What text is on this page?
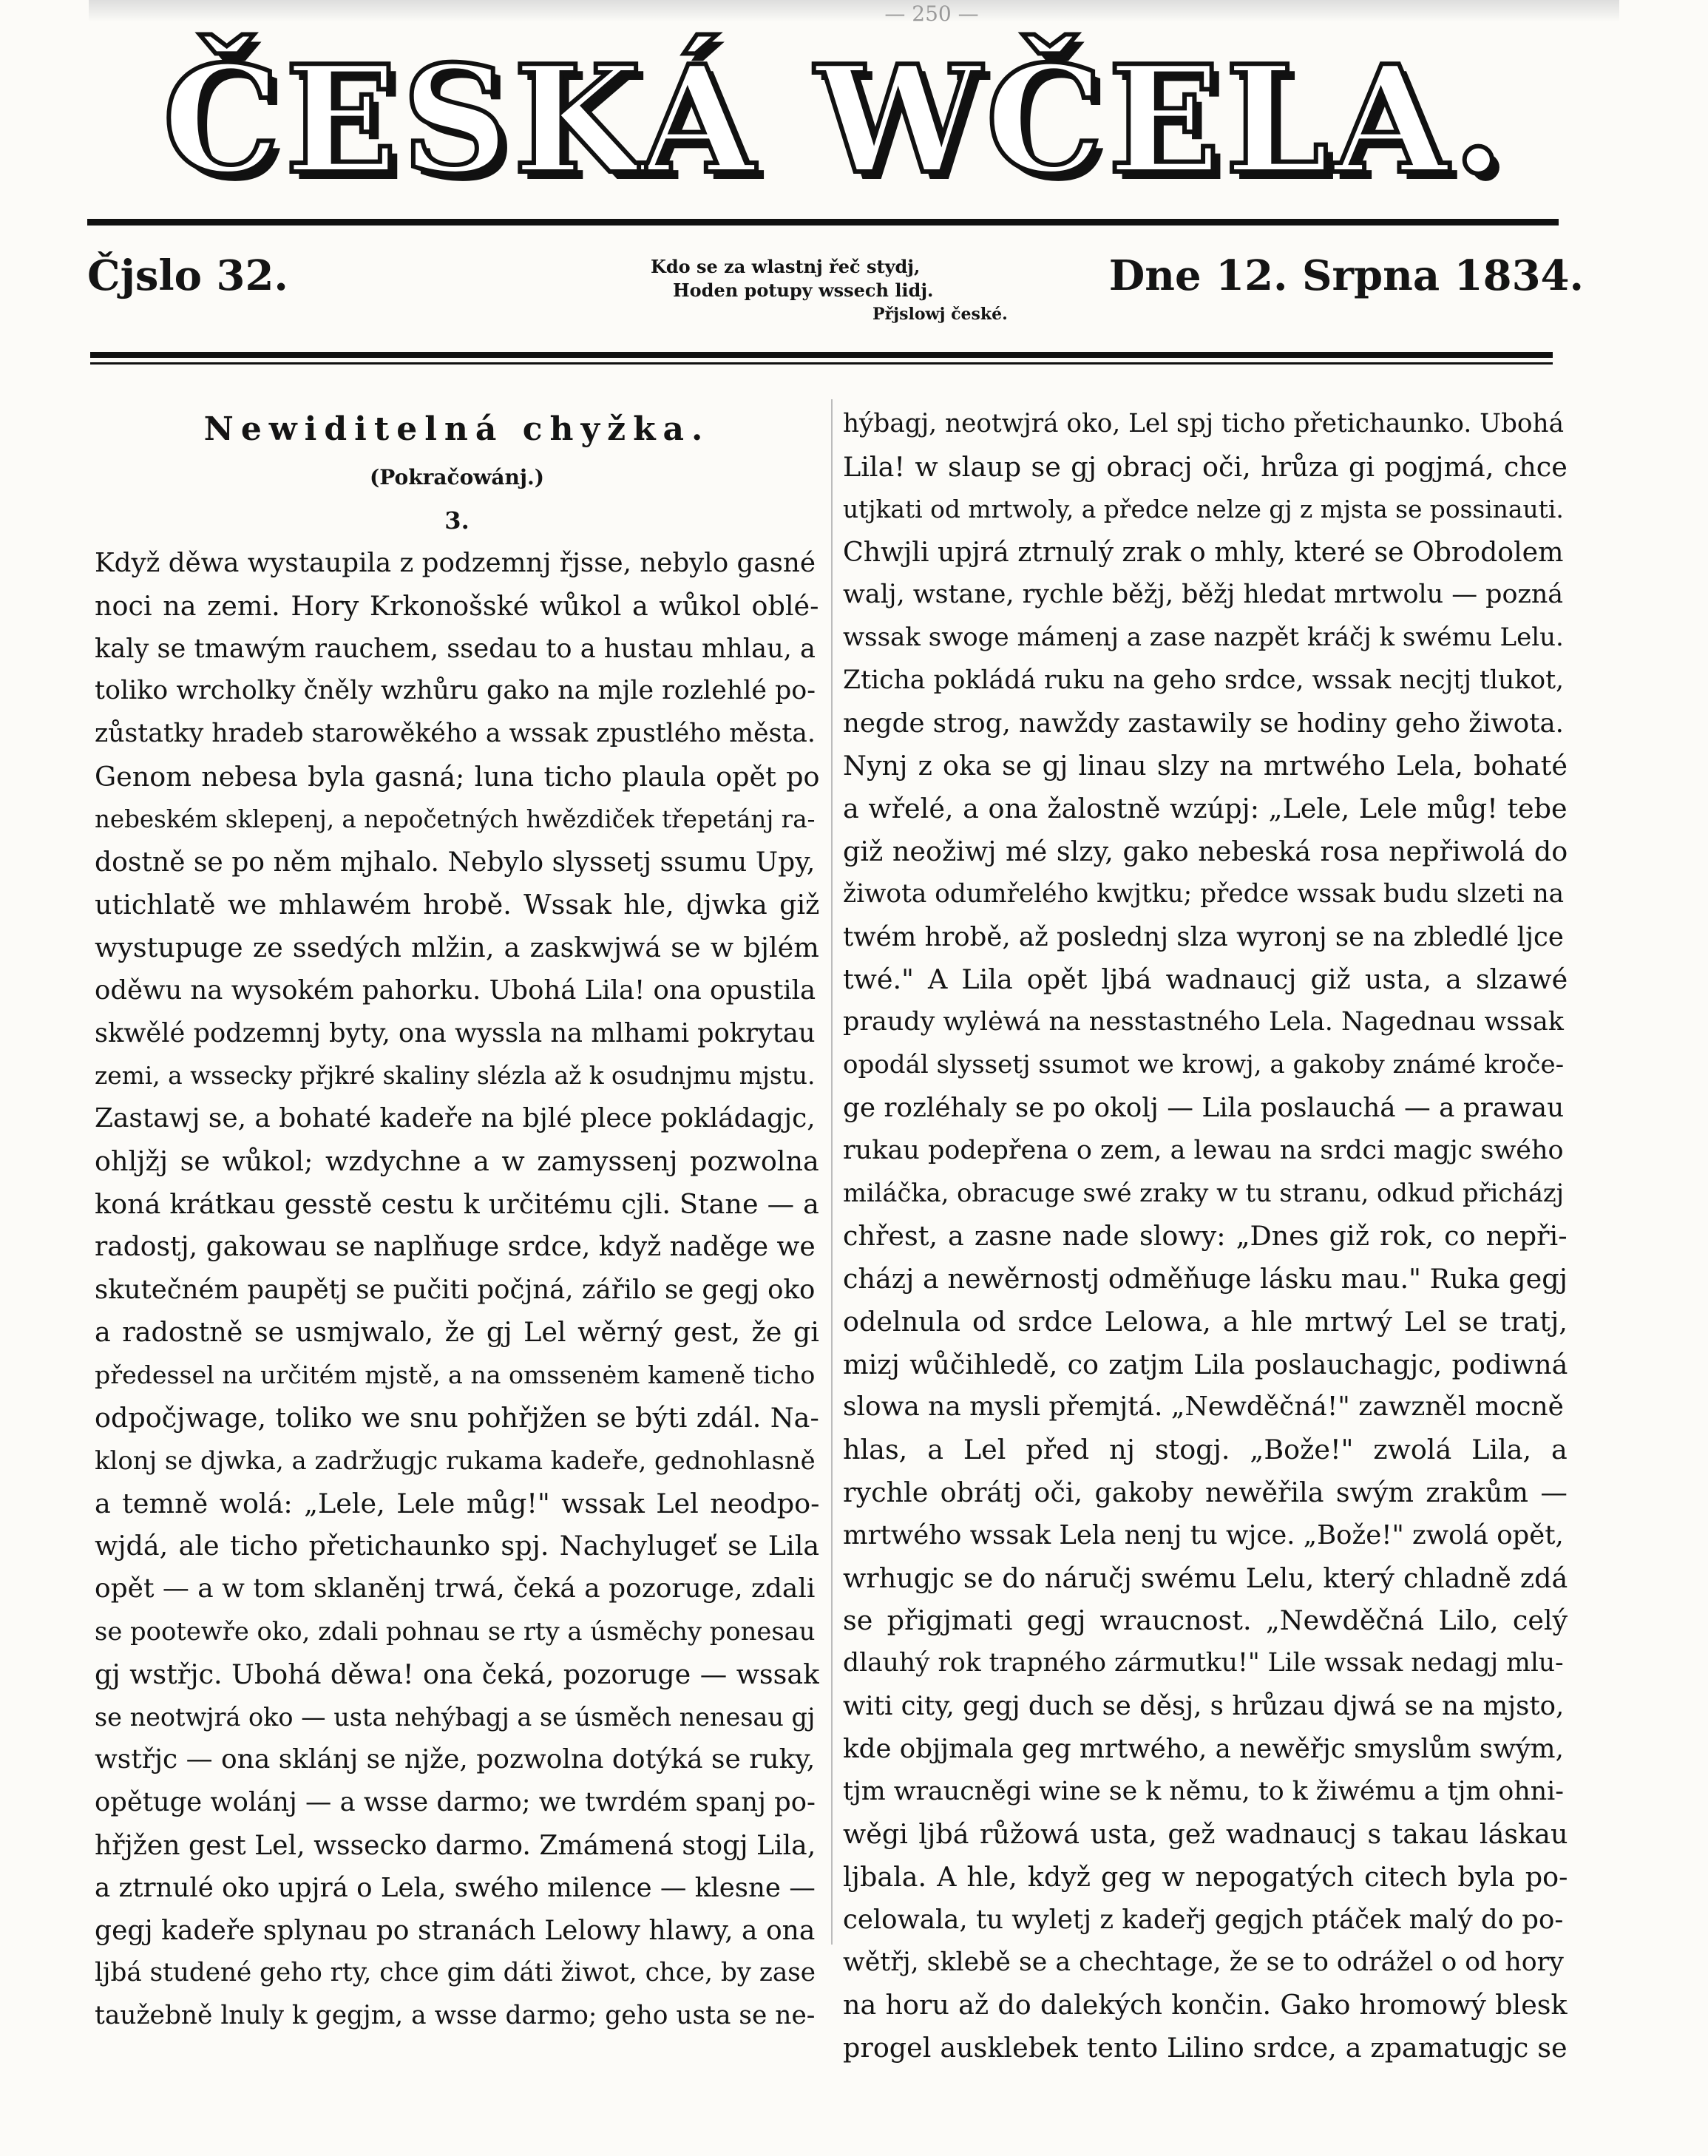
— 250 —
ČESKÁ WČELA.
Čjslo 32.	Kdo se za wlastnj řeč stydj,
Hoden potupy wssech lidj.
Přjslowj české.
Dne 12. Srpna 1834.
Newiditelná chyžka.
(Pokračowánj.)
3.
Když děwa wystaupila z podzemnj řjsse, nebylo gasné
noci na zemi. Hory Krkonošské wůkol a wůkol oblé-
kaly se tmawým rauchem, ssedau to a hustau mhlau, a
toliko wrcholky čněly wzhůru gako na mjle rozlehlé po-
zůstatky hradeb starowěkého a wssak zpustlého města.
Genom nebesa byla gasná; luna ticho plaula opět po
nebeském sklepenj, a nepočetných hwězdiček třepetánj ra-
dostně se po něm mjhalo. Nebylo slyssetj ssumu Upy,
utichlatě we mhlawém hrobě. Wssak hle, djwka giž
wystupuge ze ssedých mlžin, a zaskwjwá se w bjlém
oděwu na wysokém pahorku. Ubohá Lila! ona opustila
skwělé podzemnj byty, ona wyssla na mlhami pokrytau
zemi, a wssecky přjkré skaliny slézla až k osudnjmu mjstu.
Zastawj se, a bohaté kadeře na bjlé plece pokládagjc,
ohljžj se wůkol; wzdychne a w zamyssenj pozwolna
koná krátkau gesstě cestu k určitému cjli. Stane — a
radostj, gakowau se naplňuge srdce, když naděge we
skutečném paupětj se pučiti počjná, zářilo se gegj oko
a radostně se usmjwalo, že gj Lel wěrný gest, že gi
předessel na určitém mjstě, a na omssenėm kameně ticho
odpočjwage, toliko we snu pohřjžen se býti zdál. Na-
klonj se djwka, a zadržugjc rukama kadeře, gednohlasně
a temně wolá: „Lele, Lele můg!" wssak Lel neodpo-
wjdá, ale ticho přetichaunko spj. Nachylugeť se Lila
opět — a w tom sklaněnj trwá, čeká a pozoruge, zdali
se pootewře oko, zdali pohnau se rty a úsměchy ponesau
gj wstřjc. Ubohá děwa! ona čeká, pozoruge — wssak
se neotwjrá oko — usta nehýbagj a se úsměch nenesau gj
wstřjc — ona sklánj se njže, pozwolna dotýká se ruky,
opětuge wolánj — a wsse darmo; we twrdém spanj po-
hřjžen gest Lel, wssecko darmo. Zmámená stogj Lila,
a ztrnulé oko upjrá o Lela, swého milence — klesne —
gegj kadeře splynau po stranách Lelowy hlawy, a ona
ljbá studené geho rty, chce gim dáti žiwot, chce, by zase
taužebně lnuly k gegjm, a wsse darmo; geho usta se ne-
hýbagj, neotwjrá oko, Lel spj ticho přetichaunko. Ubohá
Lila! w slaup se gj obracj oči, hrůza gi pogjmá, chce
utjkati od mrtwoly, a předce nelze gj z mjsta se possinauti.
Chwjli upjrá ztrnulý zrak o mhly, které se Obrodolem
walj, wstane, rychle běžj, běžj hledat mrtwolu — pozná
wssak swoge mámenj a zase nazpět kráčj k swému Lelu.
Zticha pokládá ruku na geho srdce, wssak necjtj tlukot,
negde strog, nawždy zastawily se hodiny geho žiwota.
Nynj z oka se gj linau slzy na mrtwého Lela, bohaté
a wřelé, a ona žalostně wzúpj: „Lele, Lele můg! tebe
giž neožiwj mé slzy, gako nebeská rosa nepřiwolá do
žiwota odumřelého kwjtku; předce wssak budu slzeti na
twém hrobě, až poslednj slza wyronj se na zbledlé ljce
twé." A Lila opět ljbá wadnaucj giž usta, a slzawé
praudy wylėwá na nesstastného Lela. Nagednau wssak
opodál slyssetj ssumot we krowj, a gakoby známé kroče-
ge rozléhaly se po okolj — Lila poslauchá — a prawau
rukau podepřena o zem, a lewau na srdci magjc swého
miláčka, obracuge swé zraky w tu stranu, odkud přicházj
chřest, a zasne nade slowy: „Dnes giž rok, co nepři-
cházj a newěrnostj odměňuge lásku mau." Ruka gegj
odelnula od srdce Lelowa, a hle mrtwý Lel se tratj,
mizj wůčihledě, co zatjm Lila poslauchagjc, podiwná
slowa na mysli přemjtá. „Newděčná!" zawzněl mocně
hlas, a Lel před nj stogj. „Bože!" zwolá Lila, a
rychle obrátj oči, gakoby newěřila swým zrakům —
mrtwého wssak Lela nenj tu wjce. „Bože!" zwolá opět,
wrhugjc se do náručj swému Lelu, který chladně zdá
se přigjmati gegj wraucnost. „Newděčná Lilo, celý
dlauhý rok trapného zármutku!" Lile wssak nedagj mlu-
witi city, gegj duch se děsj, s hrůzau djwá se na mjsto,
kde objjmala geg mrtwého, a newěřjc smyslům swým,
tjm wraucněgi wine se k němu, to k žiwému a tjm ohni-
wěgi ljbá růžowá usta, gež wadnaucj s takau láskau
ljbala. A hle, když geg w nepogatých citech byla po-
celowala, tu wyletj z kadeřj gegjch ptáček malý do po-
wětřj, sklebě se a chechtage, že se to odrážel o od hory
na horu až do dalekých končin. Gako hromowý blesk
progel ausklebek tento Lilino srdce, a zpamatugjc se
